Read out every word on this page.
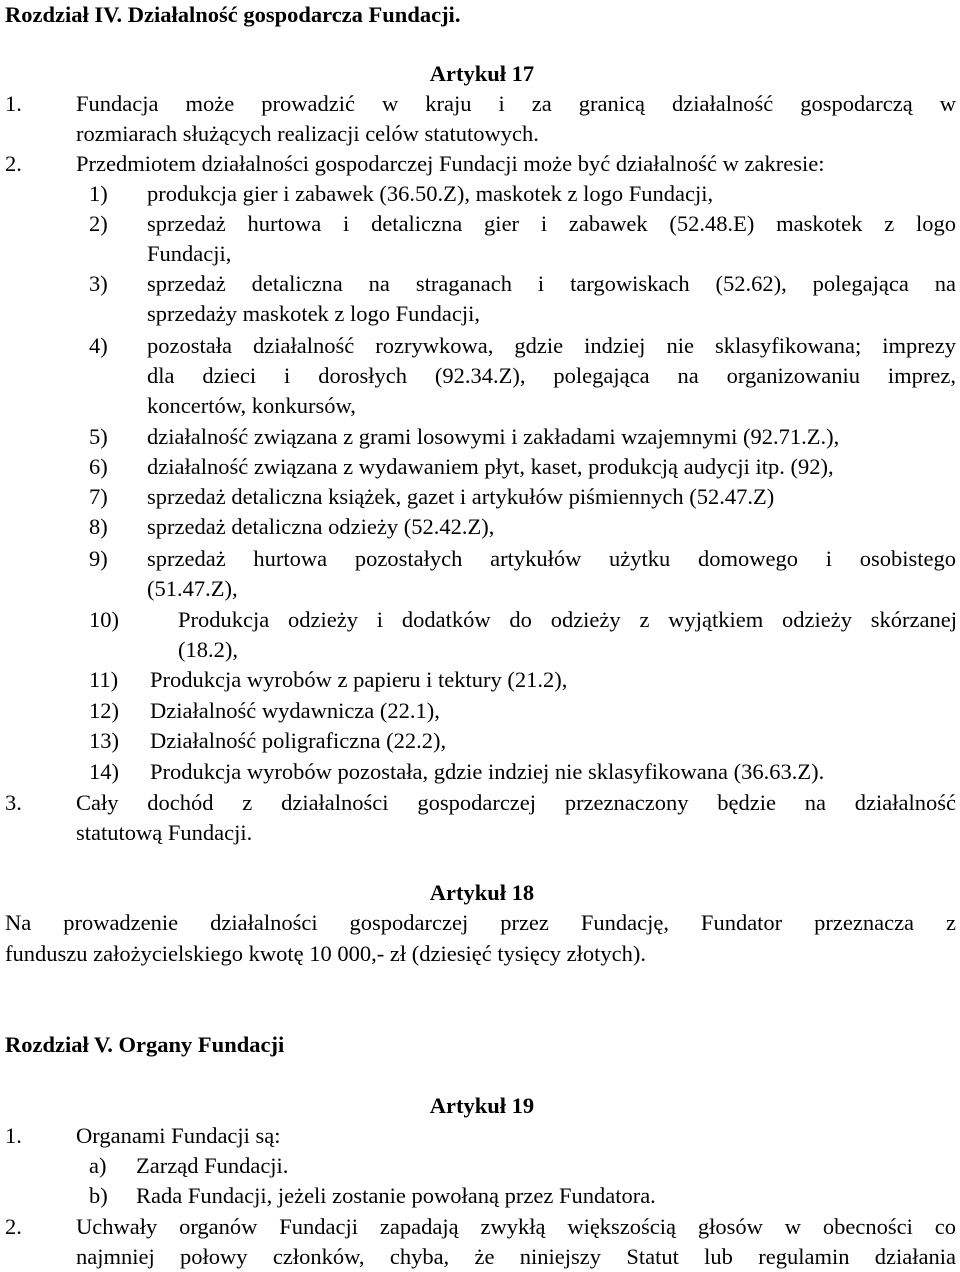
Rozdział IV. Działalność gospodarcza Fundacji.
Artykuł 17
1. Fundacja może prowadzić w kraju i za granicą działalność gospodarczą w
rozmiarach służących realizacji celów statutowych.
2. Przedmiotem działalności gospodarczej Fundacji może być działalność w zakresie:
1) produkcja gier i zabawek (36.50.Z), maskotek z logo Fundacji,
2) sprzedaż hurtowa i detaliczna gier i zabawek (52.48.E) maskotek z logo
Fundacji,
3) sprzedaż detaliczna na straganach i targowiskach (52.62), polegająca na
sprzedaży maskotek z logo Fundacji,
4) pozostała działalność rozrywkowa, gdzie indziej nie sklasyfikowana; imprezy
dla dzieci i dorosłych (92.34.Z), polegająca na organizowaniu imprez,
koncertów, konkursów,
5) działalność związana z grami losowymi i zakładami wzajemnymi (92.71.Z.),
6) działalność związana z wydawaniem płyt, kaset, produkcją audycji itp. (92),
7) sprzedaż detaliczna książek, gazet i artykułów piśmiennych (52.47.Z)
8) sprzedaż detaliczna odzieży (52.42.Z),
9) sprzedaż hurtowa pozostałych artykułów użytku domowego i osobistego
(51.47.Z),
10)	Produkcja odzieży i dodatków do odzieży z wyjątkiem odzieży skórzanej
(18.2),
11) Produkcja wyrobów z papieru i tektury (21.2),
12) Działalność wydawnicza (22.1),
13) Działalność poligraficzna (22.2),
14) Produkcja wyrobów pozostała, gdzie indziej nie sklasyfikowana (36.63.Z).
3. Cały dochód z działalności gospodarczej przeznaczony będzie na działalność
statutową Fundacji.
Artykuł 18
Na prowadzenie działalności gospodarczej przez Fundację, Fundator przeznacza z
funduszu założycielskiego kwotę 10 000,- zł (dziesięć tysięcy złotych).
Rozdział V. Organy Fundacji
Artykuł 19
1. Organami Fundacji są:
a) Zarząd Fundacji.
b) Rada Fundacji, jeżeli zostanie powołaną przez Fundatora.
2. Uchwały organów Fundacji zapadają zwykłą większością głosów w obecności co
najmniej połowy członków, chyba, że niniejszy Statut lub regulamin działania
